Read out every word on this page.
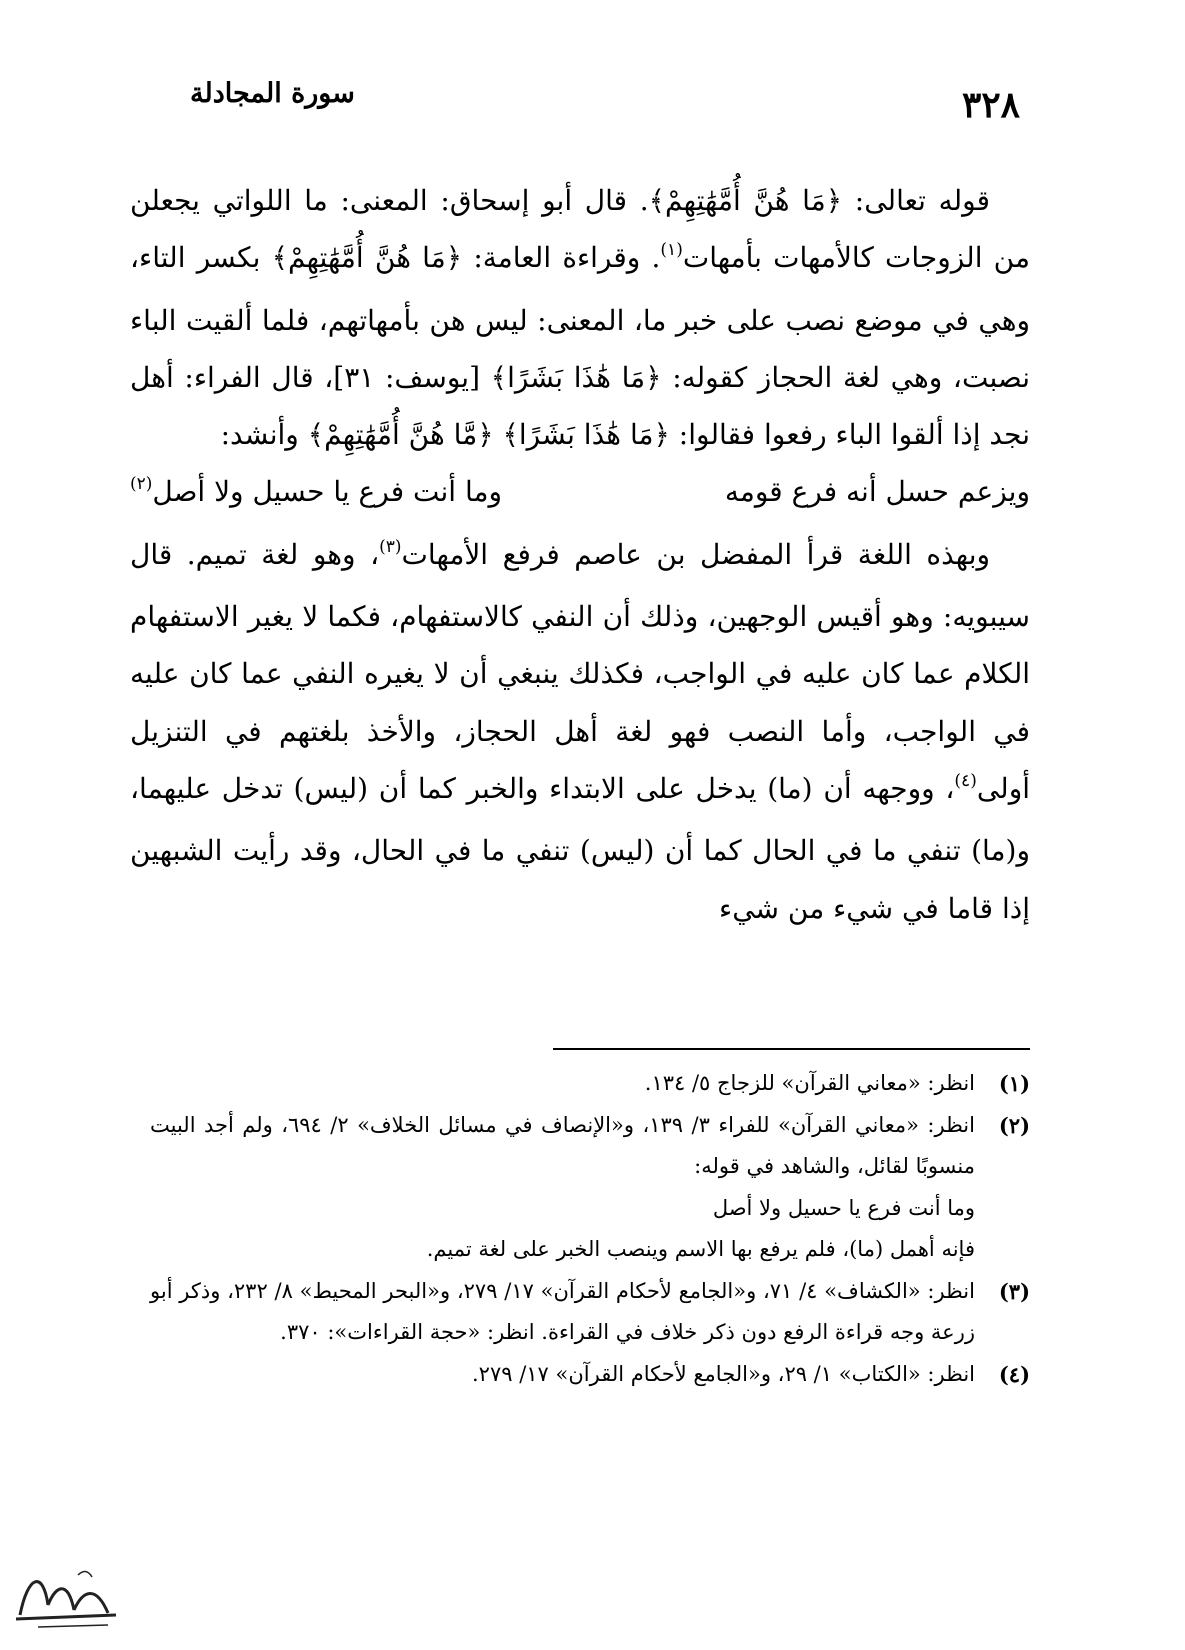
٣٢٨
سورة المجادلة

قوله تعالى: ﴿مَا هُنَّ أُمَّهَٰتِهِمْ﴾. قال أبو إسحاق: المعنى: ما اللواتي يجعلن من الزوجات كالأمهات بأمهات$^{(١)}$. وقراءة العامة: ﴿مَا هُنَّ أُمَّهَٰتِهِمْ﴾ بكسر التاء، وهي في موضع نصب على خبر ما، المعنى: ليس هن بأمهاتهم، فلما ألقيت الباء نصبت، وهي لغة الحجاز كقوله: ﴿مَا هَٰذَا بَشَرًا﴾ [يوسف: ٣١]، قال الفراء: أهل نجد إذا ألقوا الباء رفعوا فقالوا: ﴿مَا هَٰذَا بَشَرًا﴾ ﴿مَّا هُنَّ أُمَّهَٰتِهِمْ﴾ وأنشد:

ويزعم حسل أنه فرع قومه
وما أنت فرع يا حسيل ولا أصل$^{(٢)}$

وبهذه اللغة قرأ المفضل بن عاصم فرفع الأمهات$^{(٣)}$، وهو لغة تميم. قال سيبويه: وهو أقيس الوجهين، وذلك أن النفي كالاستفهام، فكما لا يغير الاستفهام الكلام عما كان عليه في الواجب، فكذلك ينبغي أن لا يغيره النفي عما كان عليه في الواجب، وأما النصب فهو لغة أهل الحجاز، والأخذ بلغتهم في التنزيل أولى$^{(٤)}$، ووجهه أن (ما) يدخل على الابتداء والخبر كما أن (ليس) تدخل عليهما، و(ما) تنفي ما في الحال كما أن (ليس) تنفي ما في الحال، وقد رأيت الشبهين إذا قاما في شيء من شيء

(١)
انظر: «معاني القرآن» للزجاج ٥/ ١٣٤.
(٢)
انظر: «معاني القرآن» للفراء ٣/ ١٣٩، و«الإنصاف في مسائل الخلاف» ٢/ ٦٩٤، ولم أجد البيت منسوبًا لقائل، والشاهد في قوله:
وما أنت فرع يا حسيل ولا أصل
فإنه أهمل (ما)، فلم يرفع بها الاسم وينصب الخبر على لغة تميم.
(٣)
انظر: «الكشاف» ٤/ ٧١، و«الجامع لأحكام القرآن» ١٧/ ٢٧٩، و«البحر المحيط» ٨/ ٢٣٢، وذكر أبو زرعة وجه قراءة الرفع دون ذكر خلاف في القراءة. انظر: «حجة القراءات»: ٣٧٠.
(٤)
انظر: «الكتاب» ١/ ٢٩، و«الجامع لأحكام القرآن» ١٧/ ٢٧٩.
